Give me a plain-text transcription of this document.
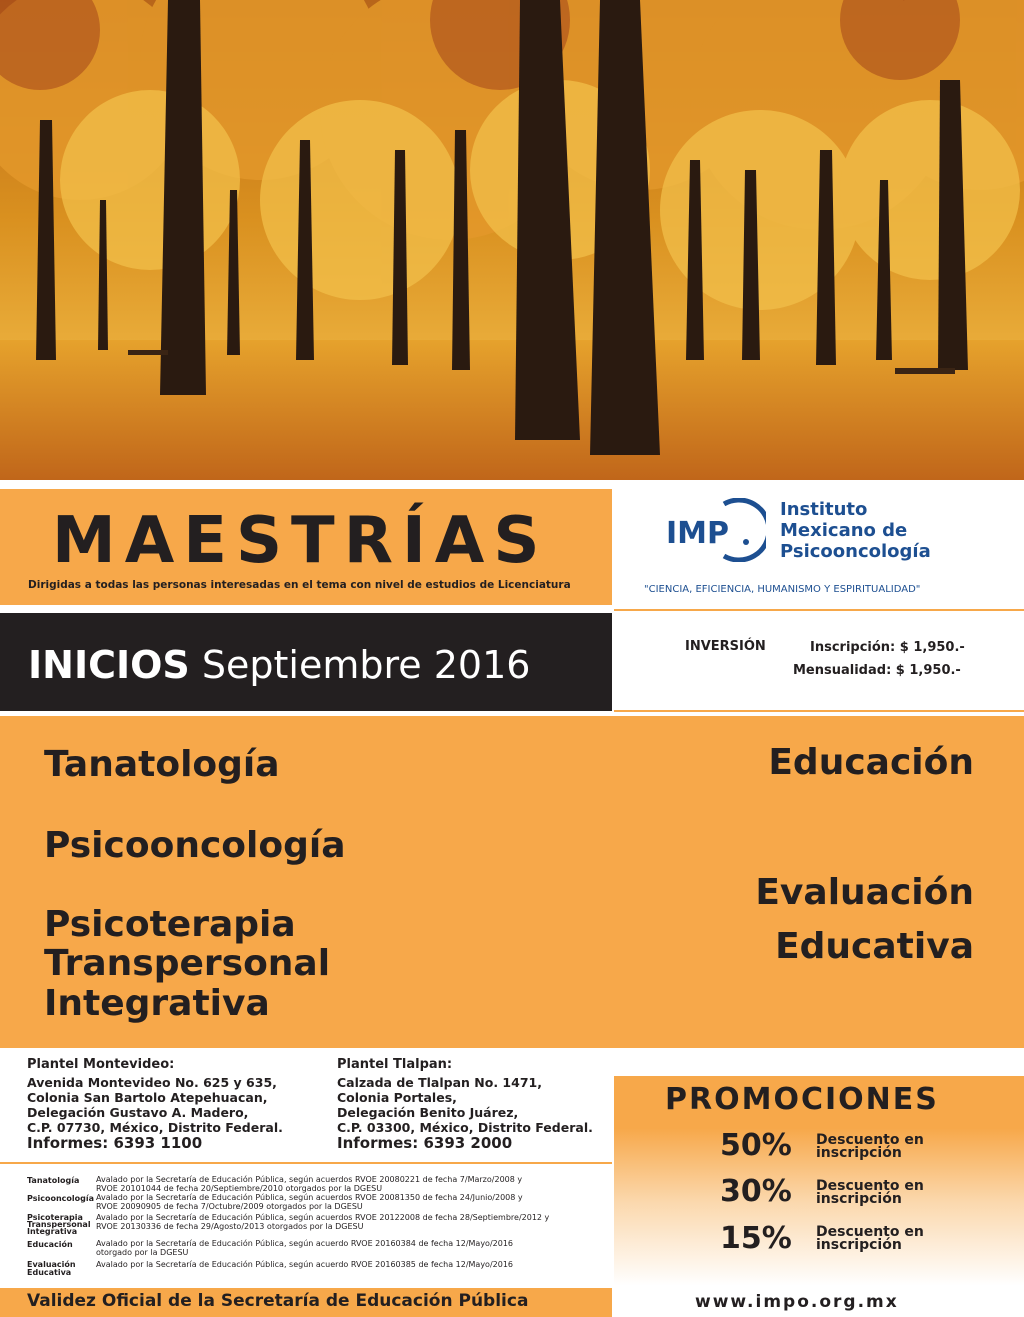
MAESTRÍAS
Dirigidas a todas las personas interesadas en el tema con nivel de estudios de Licenciatura
INICIOS Septiembre 2016
IMP
Instituto
Mexicano de
Psicooncología
"CIENCIA, EFICIENCIA, HUMANISMO Y ESPIRITUALIDAD"
INVERSIÓN	Inscripción: $ 1,950.-
Mensualidad: $ 1,950.-
Tanatología
Psicooncología
Psicoterapia
Transpersonal
Integrativa
Educación
Evaluación
Educativa
Plantel Montevideo:
Avenida Montevideo No. 625 y 635,
Colonia San Bartolo Atepehuacan,
Delegación Gustavo A. Madero,
C.P. 07730, México, Distrito Federal.
Informes: 6393 1100
Plantel Tlalpan:
Calzada de Tlalpan No. 1471,
Colonia Portales,
Delegación Benito Juárez,
C.P. 03300, México, Distrito Federal.
Informes: 6393 2000
PROMOCIONES
50% Descuento en
inscripción
30% Descuento en
inscripción
15% Descuento en
inscripción
Tanatología Avalado por la Secretaría de Educación Pública, según acuerdos RVOE 20080221 de fecha 7/Marzo/2008 y
RVOE 20101044 de fecha 20/Septiembre/2010 otorgados por la DGESU
Psicooncología Avalado por la Secretaría de Educación Pública, según acuerdos RVOE 20081350 de fecha 24/Junio/2008 y
RVOE 20090905 de fecha 7/Octubre/2009 otorgados por la DGESU
Psicoterapia
Transpersonal
Integrativa
Avalado por la Secretaría de Educación Pública, según acuerdos RVOE 20122008 de fecha 28/Septiembre/2012 y
RVOE 20130336 de fecha 29/Agosto/2013 otorgados por la DGESU
Educación	Avalado por la Secretaría de Educación Pública, según acuerdo RVOE 20160384 de fecha 12/Mayo/2016
otorgado por la DGESU
Evaluación
Educativa
Avalado por la Secretaría de Educación Pública, según acuerdo RVOE 20160385 de fecha 12/Mayo/2016
Validez Oficial de la Secretaría de Educación Pública	www.impo.org.mx
